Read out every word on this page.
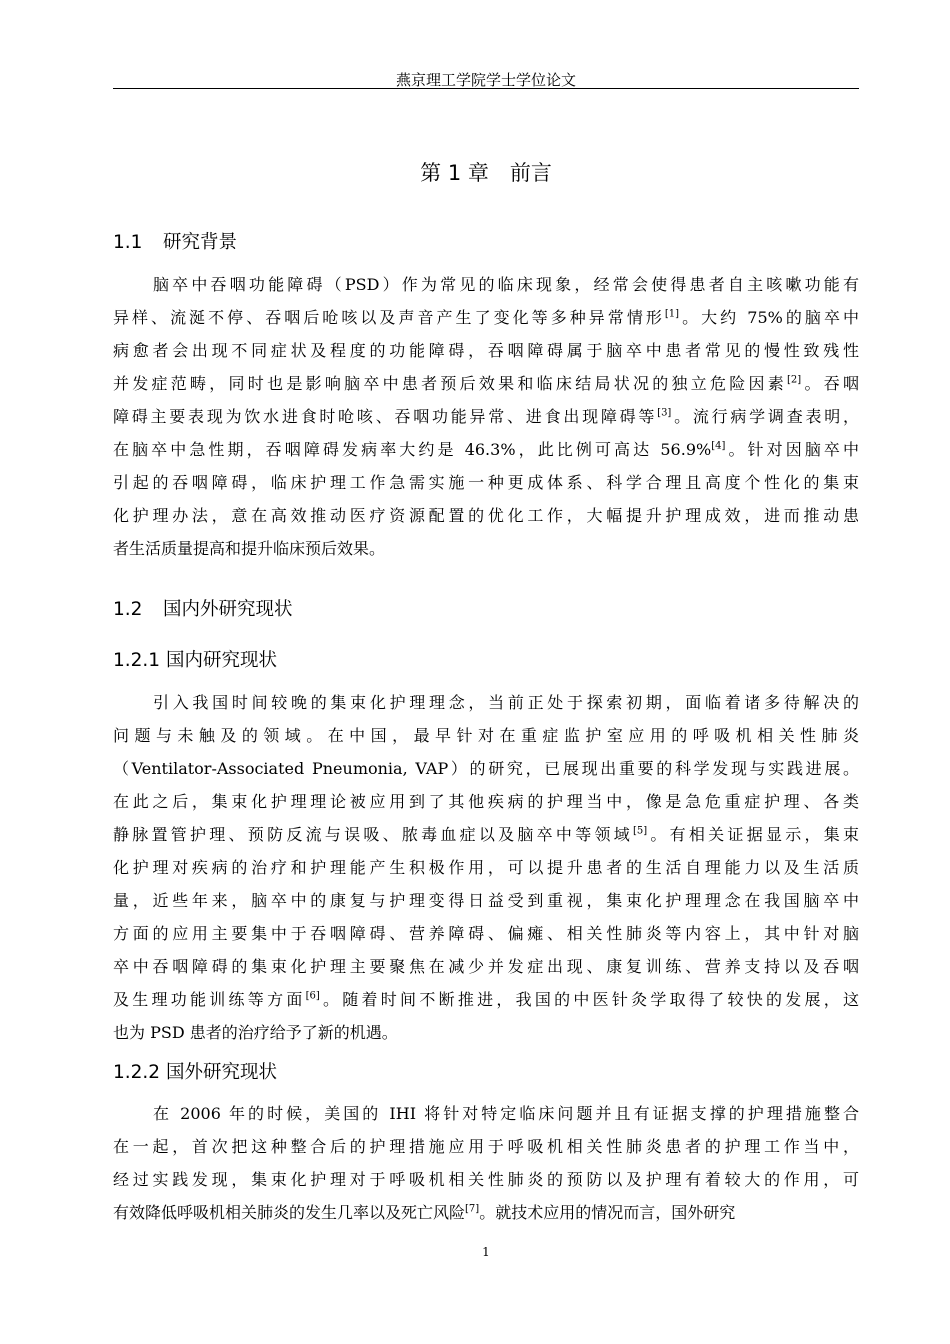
燕京理工学院学士学位论文
第 1 章　前言
1.1 研究背景
脑卒中吞咽功能障碍（PSD）作为常见的临床现象，经常会使得患者自主咳嗽功能有
异样、流涎不停、吞咽后呛咳以及声音产生了变化等多种异常情形[1]。大约 75%的脑卒中
病愈者会出现不同症状及程度的功能障碍，吞咽障碍属于脑卒中患者常见的慢性致残性
并发症范畴，同时也是影响脑卒中患者预后效果和临床结局状况的独立危险因素[2]。吞咽
障碍主要表现为饮水进食时呛咳、吞咽功能异常、进食出现障碍等[3]。流行病学调查表明，
在脑卒中急性期，吞咽障碍发病率大约是 46.3%，此比例可高达 56.9%[4]。针对因脑卒中
引起的吞咽障碍，临床护理工作急需实施一种更成体系、科学合理且高度个性化的集束
化护理办法，意在高效推动医疗资源配置的优化工作，大幅提升护理成效，进而推动患
者生活质量提高和提升临床预后效果。
1.2 国内外研究现状
1.2.1 国内研究现状
引入我国时间较晚的集束化护理理念，当前正处于探索初期，面临着诸多待解决的
问题与未触及的领域。在中国，最早针对在重症监护室应用的呼吸机相关性肺炎
（Ventilator-Associated Pneumonia, VAP）的研究，已展现出重要的科学发现与实践进展。
在此之后，集束化护理理论被应用到了其他疾病的护理当中，像是急危重症护理、各类
静脉置管护理、预防反流与误吸、脓毒血症以及脑卒中等领域[5]。有相关证据显示，集束
化护理对疾病的治疗和护理能产生积极作用，可以提升患者的生活自理能力以及生活质
量，近些年来，脑卒中的康复与护理变得日益受到重视，集束化护理理念在我国脑卒中
方面的应用主要集中于吞咽障碍、营养障碍、偏瘫、相关性肺炎等内容上，其中针对脑
卒中吞咽障碍的集束化护理主要聚焦在减少并发症出现、康复训练、营养支持以及吞咽
及生理功能训练等方面[6]。随着时间不断推进，我国的中医针灸学取得了较快的发展，这
也为 PSD 患者的治疗给予了新的机遇。
1.2.2 国外研究现状
在 2006 年的时候，美国的 IHI 将针对特定临床问题并且有证据支撑的护理措施整合
在一起，首次把这种整合后的护理措施应用于呼吸机相关性肺炎患者的护理工作当中，
经过实践发现，集束化护理对于呼吸机相关性肺炎的预防以及护理有着较大的作用，可
有效降低呼吸机相关肺炎的发生几率以及死亡风险[7]。就技术应用的情况而言，国外研究
1
